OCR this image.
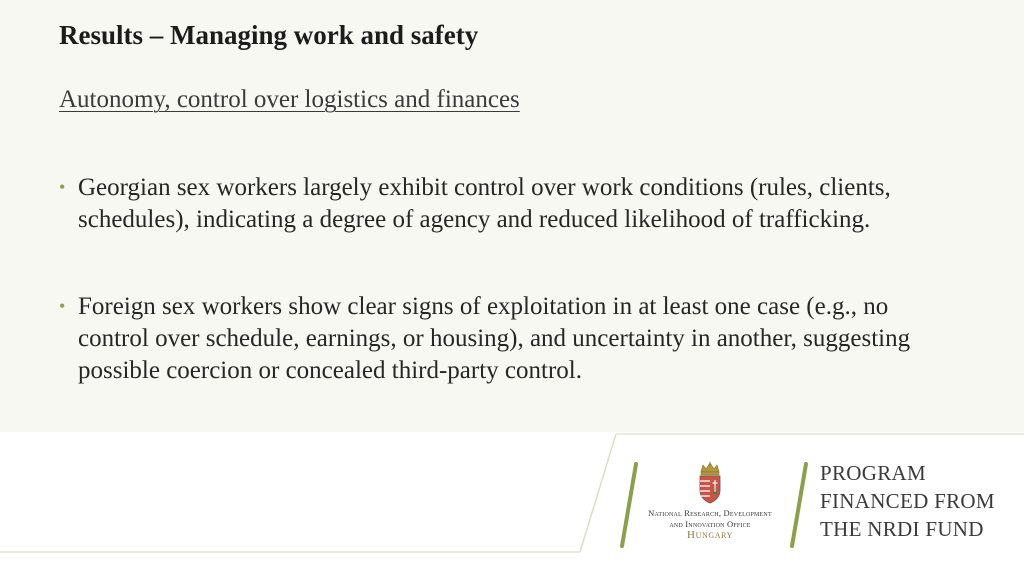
Results – Managing work and safety
Autonomy, control over logistics and finances
• Georgian sex workers largely exhibit control over work conditions (rules, clients, schedules), indicating a degree of agency and reduced likelihood of trafficking.
• Foreign sex workers show clear signs of exploitation in at least one case (e.g., no control over schedule, earnings, or housing), and uncertainty in another, suggesting possible coercion or concealed third-party control.
National Research, Development
and Innovation Office
Hungary
PROGRAM
FINANCED FROM
THE NRDI FUND
